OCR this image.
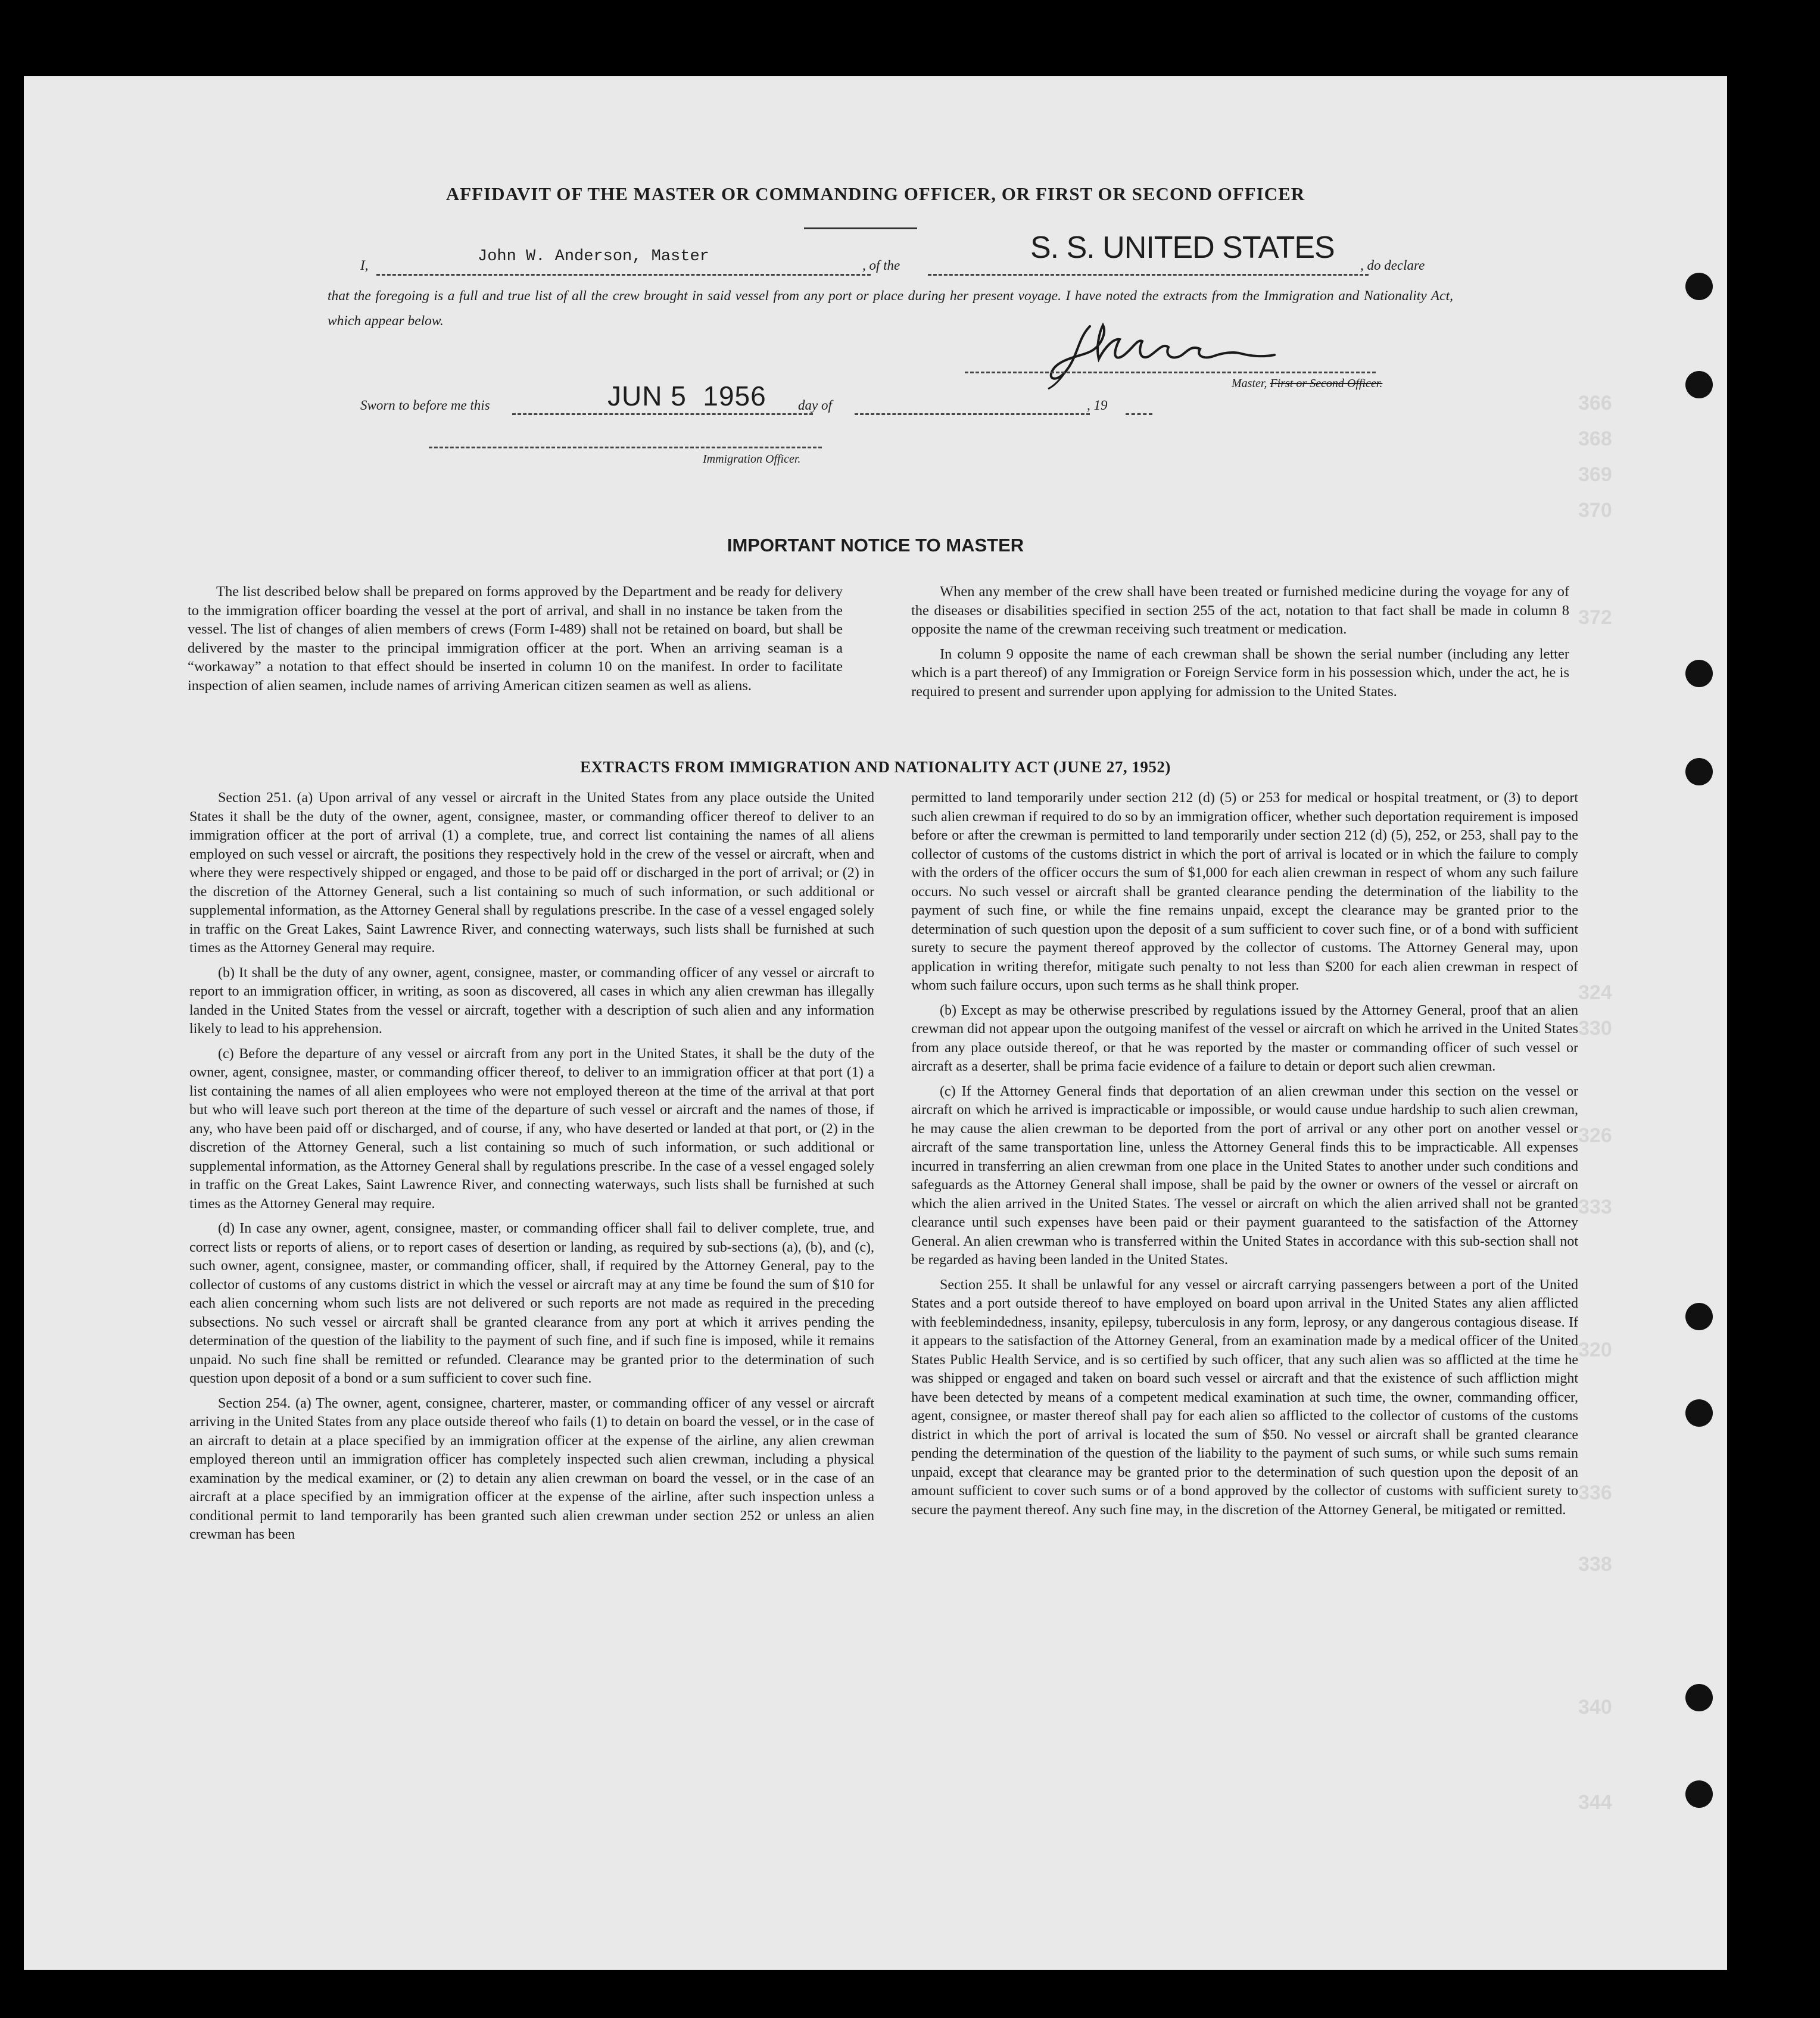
366
368
369
370
372
324
330
326
333
320
336
338
340
344
AFFIDAVIT OF THE MASTER OR COMMANDING OFFICER, OR FIRST OR SECOND OFFICER
I,	John W. Anderson, Master	, of the
S. S. UNITED STATES
, do declare
that the foregoing is a full and true list of all the crew brought in said vessel from any port or place during her present voyage. I have noted the extracts from the Immigration and Nationality Act, which appear below.
Master, First or Second Officer.
Sworn to before me this	JUN 5  1956 day of	, 19
Immigration Officer.
IMPORTANT NOTICE TO MASTER

The list described below shall be prepared on forms approved by the Department and be ready for delivery to the immigration officer boarding the vessel at the port of arrival, and shall in no instance be taken from the vessel. The list of changes of alien members of crews (Form I-489) shall not be retained on board, but shall be delivered by the master to the principal immigration officer at the port. When an arriving seaman is a “workaway” a notation to that effect should be inserted in column 10 on the manifest. In order to facilitate inspection of alien seamen, include names of arriving American citizen seamen as well as aliens.

When any member of the crew shall have been treated or furnished medicine during the voyage for any of the diseases or disabilities specified in section 255 of the act, notation to that fact shall be made in column 8 opposite the name of the crewman receiving such treatment or medication.

In column 9 opposite the name of each crewman shall be shown the serial number (including any letter which is a part thereof) of any Immigration or Foreign Service form in his possession which, under the act, he is required to present and surrender upon applying for admission to the United States.

EXTRACTS FROM IMMIGRATION AND NATIONALITY ACT (JUNE 27, 1952)

Section 251. (a) Upon arrival of any vessel or aircraft in the United States from any place outside the United States it shall be the duty of the owner, agent, consignee, master, or commanding officer thereof to deliver to an immigration officer at the port of arrival (1) a complete, true, and correct list containing the names of all aliens employed on such vessel or aircraft, the positions they respectively hold in the crew of the vessel or aircraft, when and where they were respectively shipped or engaged, and those to be paid off or discharged in the port of arrival; or (2) in the discretion of the Attorney General, such a list containing so much of such information, or such additional or supplemental information, as the Attorney General shall by regulations prescribe. In the case of a vessel engaged solely in traffic on the Great Lakes, Saint Lawrence River, and connecting waterways, such lists shall be furnished at such times as the Attorney General may require.

(b) It shall be the duty of any owner, agent, consignee, master, or commanding officer of any vessel or aircraft to report to an immigration officer, in writing, as soon as discovered, all cases in which any alien crewman has illegally landed in the United States from the vessel or aircraft, together with a description of such alien and any information likely to lead to his apprehension.

(c) Before the departure of any vessel or aircraft from any port in the United States, it shall be the duty of the owner, agent, consignee, master, or commanding officer thereof, to deliver to an immigration officer at that port (1) a list containing the names of all alien employees who were not employed thereon at the time of the arrival at that port but who will leave such port thereon at the time of the departure of such vessel or aircraft and the names of those, if any, who have been paid off or discharged, and of course, if any, who have deserted or landed at that port, or (2) in the discretion of the Attorney General, such a list containing so much of such information, or such additional or supplemental information, as the Attorney General shall by regulations prescribe. In the case of a vessel engaged solely in traffic on the Great Lakes, Saint Lawrence River, and connecting waterways, such lists shall be furnished at such times as the Attorney General may require.

(d) In case any owner, agent, consignee, master, or commanding officer shall fail to deliver complete, true, and correct lists or reports of aliens, or to report cases of desertion or landing, as required by sub-sections (a), (b), and (c), such owner, agent, consignee, master, or commanding officer, shall, if required by the Attorney General, pay to the collector of customs of any customs district in which the vessel or aircraft may at any time be found the sum of $10 for each alien concerning whom such lists are not delivered or such reports are not made as required in the preceding subsections. No such vessel or aircraft shall be granted clearance from any port at which it arrives pending the determination of the question of the liability to the payment of such fine, and if such fine is imposed, while it remains unpaid. No such fine shall be remitted or refunded. Clearance may be granted prior to the determination of such question upon deposit of a bond or a sum sufficient to cover such fine.

Section 254. (a) The owner, agent, consignee, charterer, master, or commanding officer of any vessel or aircraft arriving in the United States from any place outside thereof who fails (1) to detain on board the vessel, or in the case of an aircraft to detain at a place specified by an immigration officer at the expense of the airline, any alien crewman employed thereon until an immigration officer has completely inspected such alien crewman, including a physical examination by the medical examiner, or (2) to detain any alien crewman on board the vessel, or in the case of an aircraft at a place specified by an immigration officer at the expense of the airline, after such inspection unless a conditional permit to land temporarily has been granted such alien crewman under section 252 or unless an alien crewman has been

permitted to land temporarily under section 212 (d) (5) or 253 for medical or hospital treatment, or (3) to deport such alien crewman if required to do so by an immigration officer, whether such deportation requirement is imposed before or after the crewman is permitted to land temporarily under section 212 (d) (5), 252, or 253, shall pay to the collector of customs of the customs district in which the port of arrival is located or in which the failure to comply with the orders of the officer occurs the sum of $1,000 for each alien crewman in respect of whom any such failure occurs. No such vessel or aircraft shall be granted clearance pending the determination of the liability to the payment of such fine, or while the fine remains unpaid, except the clearance may be granted prior to the determination of such question upon the deposit of a sum sufficient to cover such fine, or of a bond with sufficient surety to secure the payment thereof approved by the collector of customs. The Attorney General may, upon application in writing therefor, mitigate such penalty to not less than $200 for each alien crewman in respect of whom such failure occurs, upon such terms as he shall think proper.

(b) Except as may be otherwise prescribed by regulations issued by the Attorney General, proof that an alien crewman did not appear upon the outgoing manifest of the vessel or aircraft on which he arrived in the United States from any place outside thereof, or that he was reported by the master or commanding officer of such vessel or aircraft as a deserter, shall be prima facie evidence of a failure to detain or deport such alien crewman.

(c) If the Attorney General finds that deportation of an alien crewman under this section on the vessel or aircraft on which he arrived is impracticable or impossible, or would cause undue hardship to such alien crewman, he may cause the alien crewman to be deported from the port of arrival or any other port on another vessel or aircraft of the same transportation line, unless the Attorney General finds this to be impracticable. All expenses incurred in transferring an alien crewman from one place in the United States to another under such conditions and safeguards as the Attorney General shall impose, shall be paid by the owner or owners of the vessel or aircraft on which the alien arrived in the United States. The vessel or aircraft on which the alien arrived shall not be granted clearance until such expenses have been paid or their payment guaranteed to the satisfaction of the Attorney General. An alien crewman who is transferred within the United States in accordance with this sub-section shall not be regarded as having been landed in the United States.

Section 255. It shall be unlawful for any vessel or aircraft carrying passengers between a port of the United States and a port outside thereof to have employed on board upon arrival in the United States any alien afflicted with feeblemindedness, insanity, epilepsy, tuberculosis in any form, leprosy, or any dangerous contagious disease. If it appears to the satisfaction of the Attorney General, from an examination made by a medical officer of the United States Public Health Service, and is so certified by such officer, that any such alien was so afflicted at the time he was shipped or engaged and taken on board such vessel or aircraft and that the existence of such affliction might have been detected by means of a competent medical examination at such time, the owner, commanding officer, agent, consignee, or master thereof shall pay for each alien so afflicted to the collector of customs of the customs district in which the port of arrival is located the sum of $50. No vessel or aircraft shall be granted clearance pending the determination of the question of the liability to the payment of such sums, or while such sums remain unpaid, except that clearance may be granted prior to the determination of such question upon the deposit of an amount sufficient to cover such sums or of a bond approved by the collector of customs with sufficient surety to secure the payment thereof. Any such fine may, in the discretion of the Attorney General, be mitigated or remitted.
